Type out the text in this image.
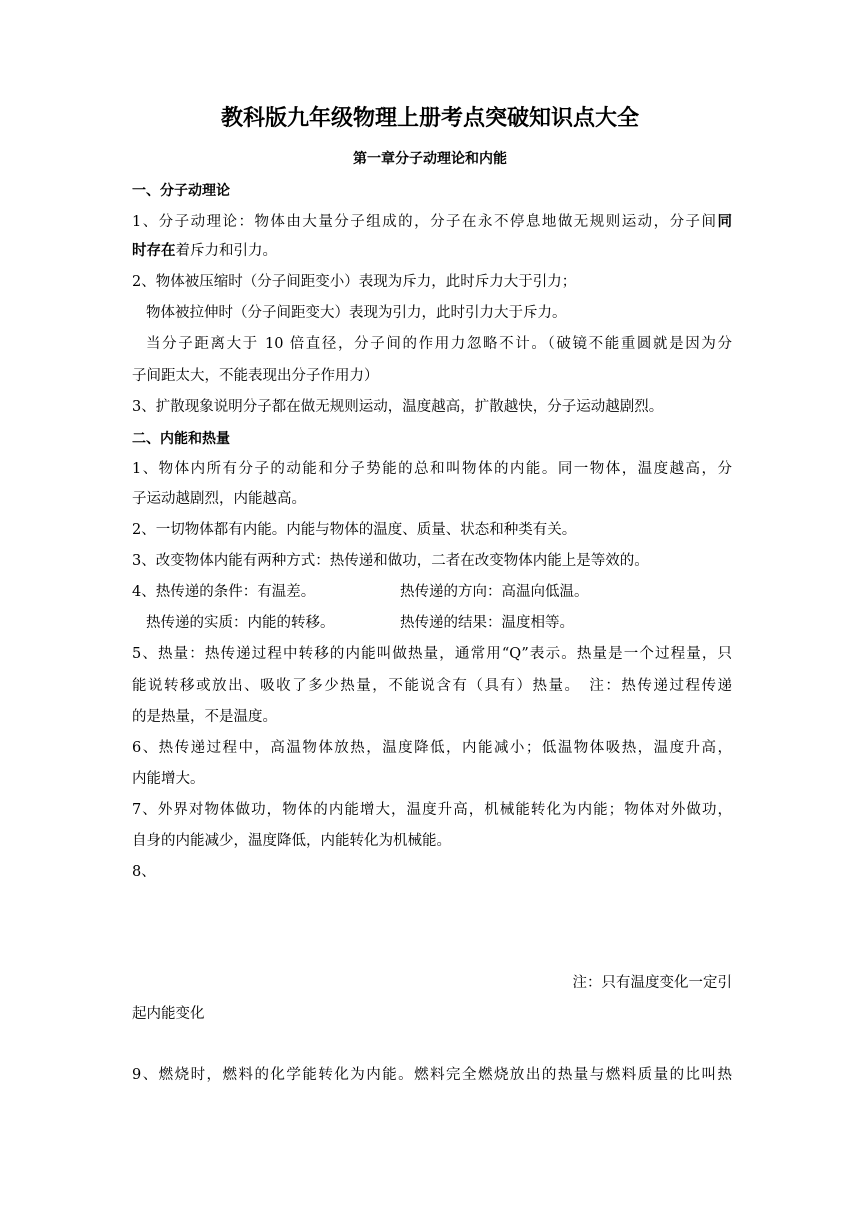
教科版九年级物理上册考点突破知识点大全
第一章分子动理论和内能
一、分子动理论
1、分子动理论：物体由大量分子组成的，分子在永不停息地做无规则运动，分子间同
时存在着斥力和引力。
2、物体被压缩时（分子间距变小）表现为斥力，此时斥力大于引力；
物体被拉伸时（分子间距变大）表现为引力，此时引力大于斥力。
当分子距离大于 10 倍直径，分子间的作用力忽略不计。（破镜不能重圆就是因为分
子间距太大，不能表现出分子作用力）
3、扩散现象说明分子都在做无规则运动，温度越高，扩散越快，分子运动越剧烈。
二、内能和热量
1、物体内所有分子的动能和分子势能的总和叫物体的内能。同一物体，温度越高，分
子运动越剧烈，内能越高。
2、一切物体都有内能。内能与物体的温度、质量、状态和种类有关。
3、改变物体内能有两种方式：热传递和做功，二者在改变物体内能上是等效的。
4、热传递的条件：有温差。	热传递的方向：高温向低温。
热传递的实质：内能的转移。	热传递的结果：温度相等。
5、热量：热传递过程中转移的内能叫做热量，通常用“Q”表示。热量是一个过程量，只
能说转移或放出、吸收了多少热量，不能说含有（具有）热量。　注：热传递过程传递
的是热量，不是温度。
6、热传递过程中，高温物体放热，温度降低，内能减小；低温物体吸热，温度升高，
内能增大。
7、外界对物体做功，物体的内能增大，温度升高，机械能转化为内能；物体对外做功，
自身的内能减少，温度降低，内能转化为机械能。
8、
注：只有温度变化一定引
起内能变化
9、燃烧时，燃料的化学能转化为内能。燃料完全燃烧放出的热量与燃料质量的比叫热
